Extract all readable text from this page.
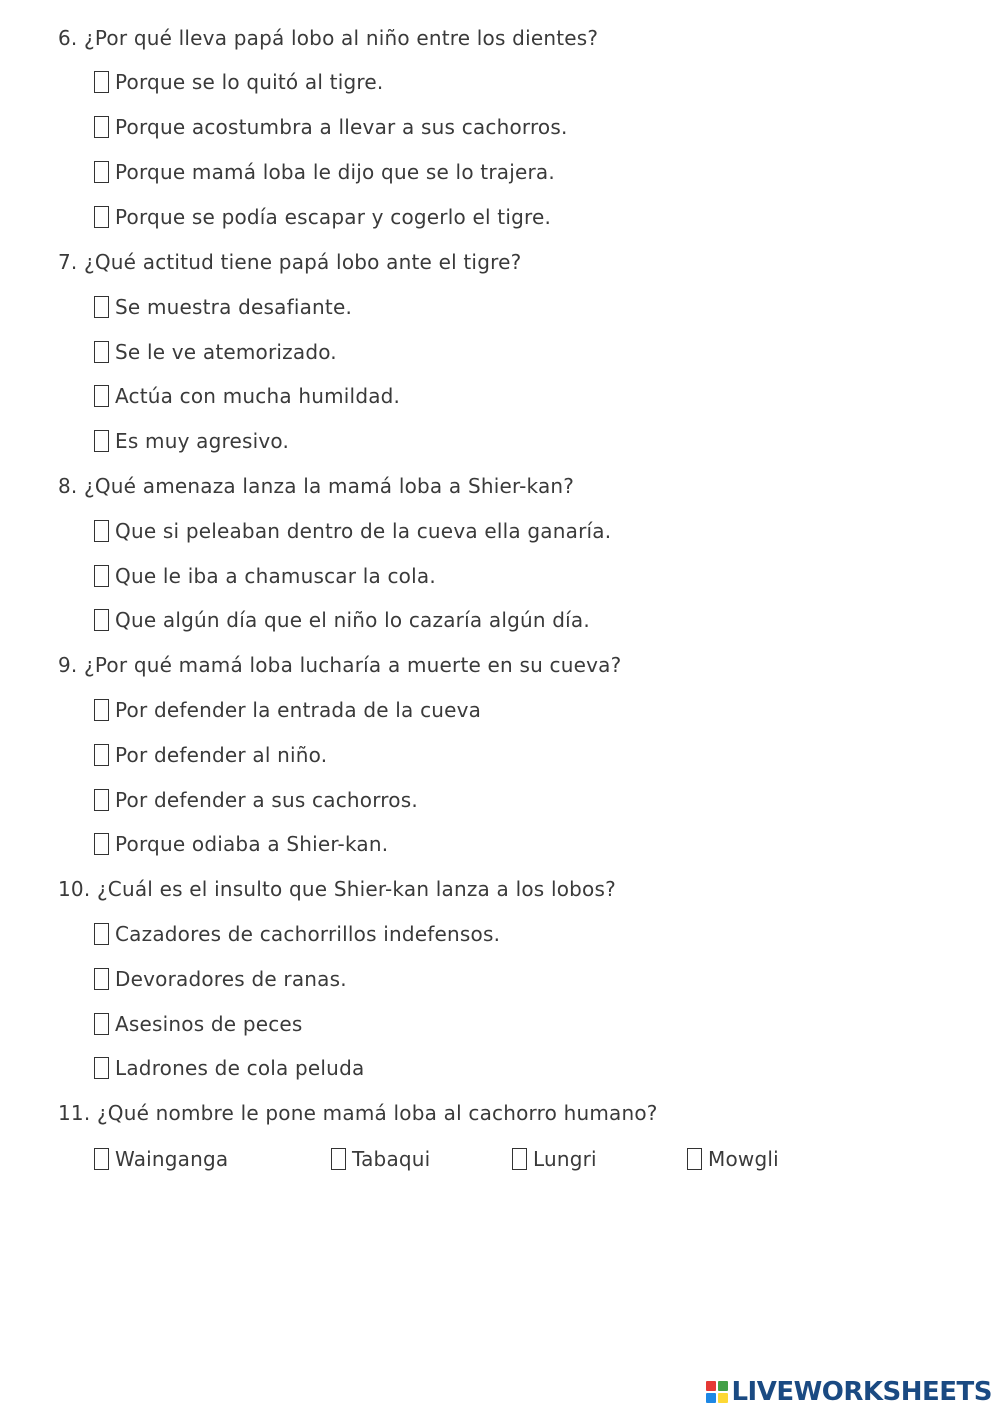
6. ¿Por qué lleva papá lobo al niño entre los dientes?
Porque se lo quitó al tigre.
Porque acostumbra a llevar a sus cachorros.
Porque mamá loba le dijo que se lo trajera.
Porque se podía escapar y cogerlo el tigre.
7. ¿Qué actitud tiene papá lobo ante el tigre?
Se muestra desafiante.
Se le ve atemorizado.
Actúa con mucha humildad.
Es muy agresivo.
8. ¿Qué amenaza lanza la mamá loba a Shier-kan?
Que si peleaban dentro de la cueva ella ganaría.
Que le iba a chamuscar la cola.
Que algún día que el niño lo cazaría algún día.
9. ¿Por qué mamá loba lucharía a muerte en su cueva?
Por defender la entrada de la cueva
Por defender al niño.
Por defender a sus cachorros.
Porque odiaba a Shier-kan.
10. ¿Cuál es el insulto que Shier-kan lanza a los lobos?
Cazadores de cachorrillos indefensos.
Devoradores de ranas.
Asesinos de peces
Ladrones de cola peluda
11. ¿Qué nombre le pone mamá loba al cachorro humano?
Wainganga	Tabaqui	Lungri	Mowgli
LIVEWORKSHEETS
